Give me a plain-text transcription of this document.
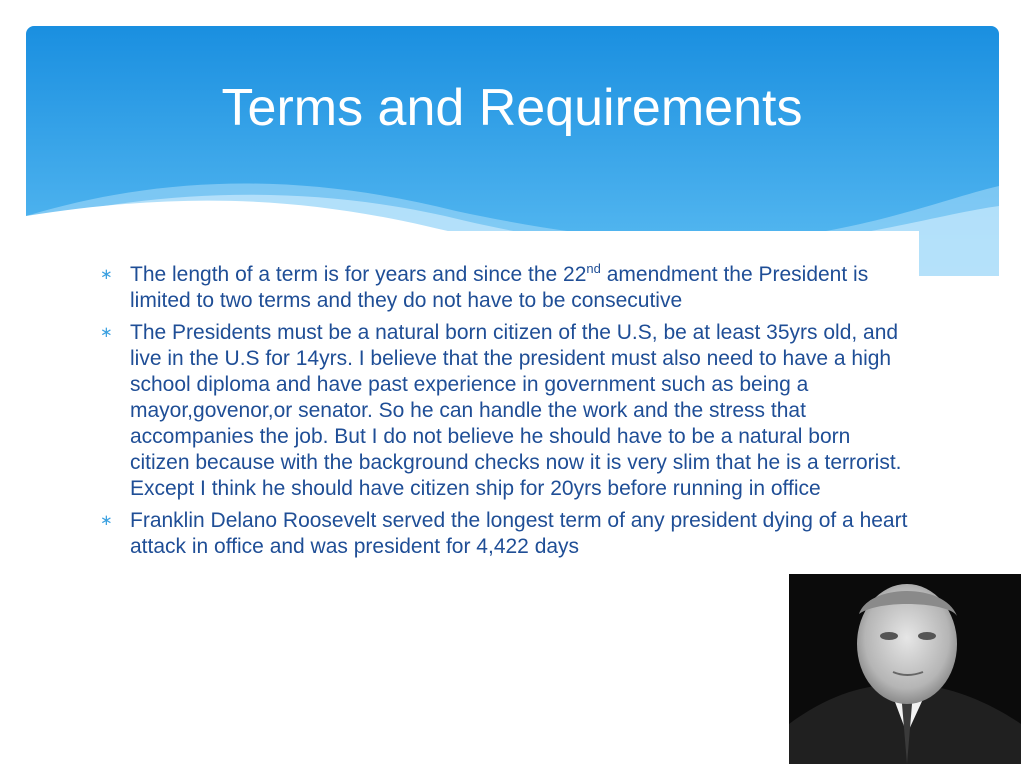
Terms and Requirements
∗ The length of a term is for years and since the 22nd amendment the President is limited to two terms and they do not have to be consecutive
∗ The Presidents must be a natural born citizen of the U.S, be at least 35yrs old, and live in the U.S for 14yrs. I believe that the president must also need to have a high school diploma and have past experience in government such as being a mayor,govenor,or senator. So he can handle the work and the stress that accompanies the job. But I do not believe he should have to be a natural born citizen because with the background checks now it is very slim that he is a terrorist. Except I think he should have citizen ship for 20yrs before running in office
∗ Franklin Delano Roosevelt served the longest term of any president dying of a heart attack in office and was president for 4,422 days
